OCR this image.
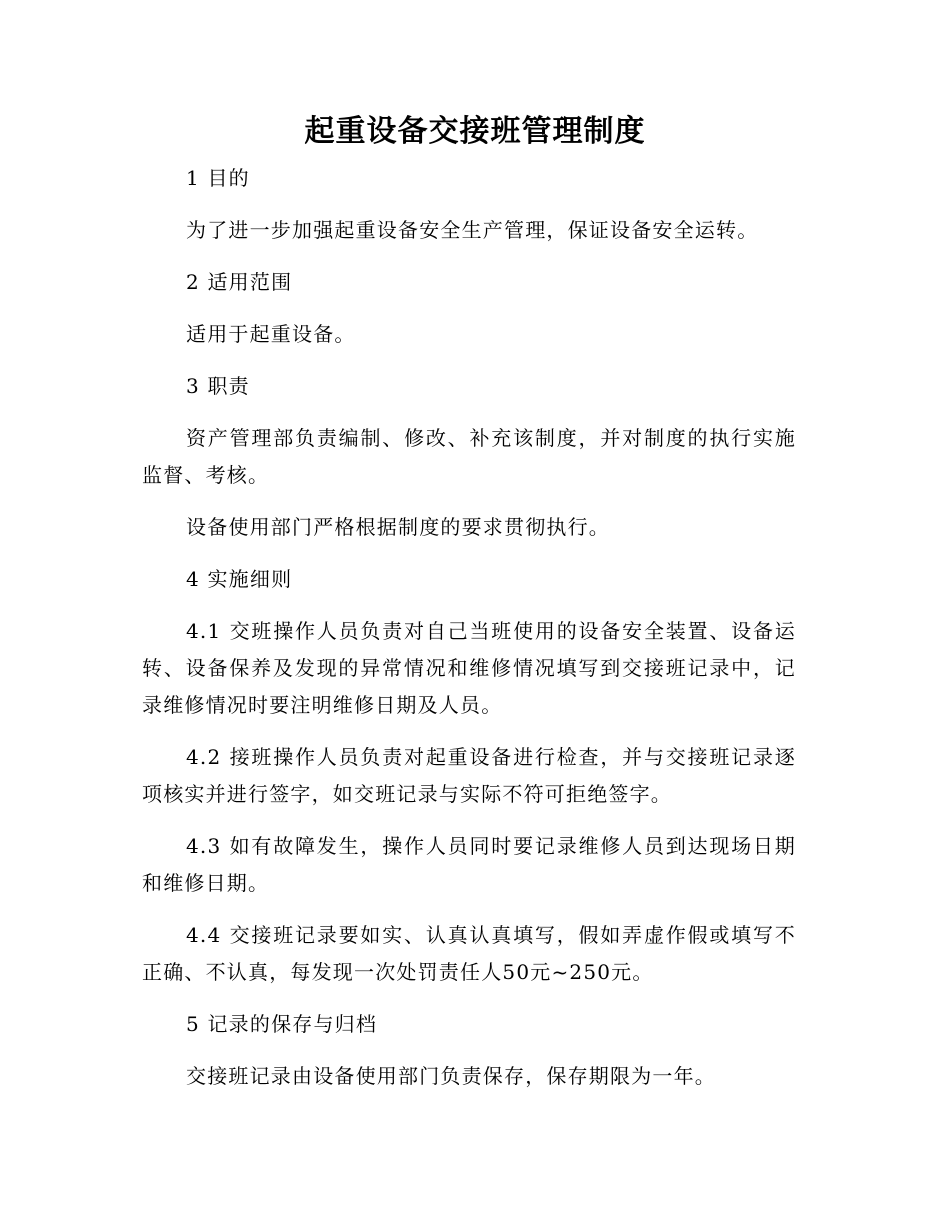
起重设备交接班管理制度

1 目的

为了进一步加强起重设备安全生产管理，保证设备安全运转。

2 适用范围

适用于起重设备。

3 职责

资产管理部负责编制、修改、补充该制度，并对制度的执行实施监督、考核。

设备使用部门严格根据制度的要求贯彻执行。

4 实施细则

4.1 交班操作人员负责对自己当班使用的设备安全装置、设备运转、设备保养及发现的异常情况和维修情况填写到交接班记录中，记录维修情况时要注明维修日期及人员。

4.2 接班操作人员负责对起重设备进行检查，并与交接班记录逐项核实并进行签字，如交班记录与实际不符可拒绝签字。

4.3 如有故障发生，操作人员同时要记录维修人员到达现场日期和维修日期。

4.4 交接班记录要如实、认真认真填写，假如弄虚作假或填写不正确、不认真，每发现一次处罚责任人50元~250元。

5 记录的保存与归档

交接班记录由设备使用部门负责保存，保存期限为一年。
